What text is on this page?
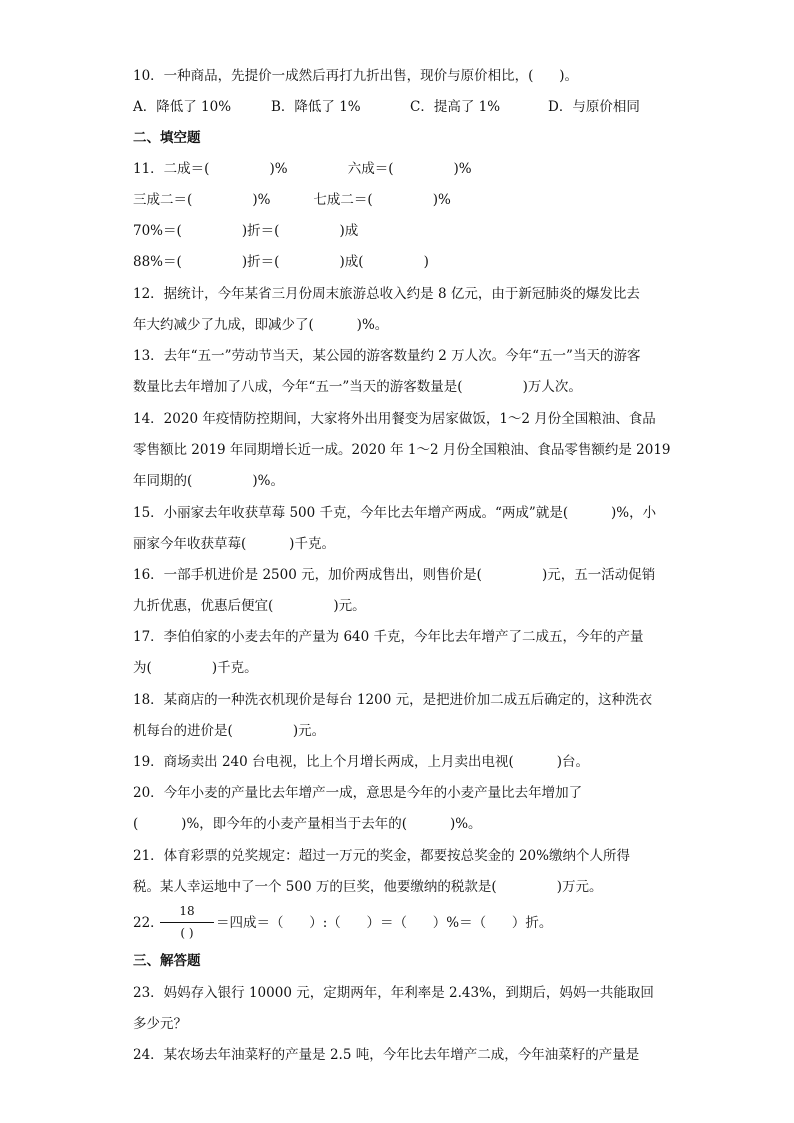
10．一种商品，先提价一成然后再打九折出售，现价与原价相比，(      )。
A．降低了 10%	B．降低了 1%	C．提高了 1%	D．与原价相同
二、填空题
11．二成＝(              )%              六成＝(              )%
三成二＝(              )%          七成二＝(              )%
70%＝(              )折＝(              )成
88%＝(              )折＝(              )成(              )
12．据统计，今年某省三月份周末旅游总收入约是 8 亿元，由于新冠肺炎的爆发比去
年大约减少了九成，即减少了(          )%。
13．去年“五一”劳动节当天，某公园的游客数量约 2 万人次。今年“五一”当天的游客
数量比去年增加了八成，今年“五一”当天的游客数量是(              )万人次。
14．2020 年疫情防控期间，大家将外出用餐变为居家做饭，1～2 月份全国粮油、食品
零售额比 2019 年同期增长近一成。2020 年 1～2 月份全国粮油、食品零售额约是 2019
年同期的(              )%。
15．小丽家去年收获草莓 500 千克，今年比去年增产两成。“两成”就是(          )%，小
丽家今年收获草莓(          )千克。
16．一部手机进价是 2500 元，加价两成售出，则售价是(              )元，五一活动促销
九折优惠，优惠后便宜(              )元。
17．李伯伯家的小麦去年的产量为 640 千克，今年比去年增产了二成五，今年的产量
为(              )千克。
18．某商店的一种洗衣机现价是每台 1200 元，是把进价加二成五后确定的，这种洗衣
机每台的进价是(              )元。
19．商场卖出 240 台电视，比上个月增长两成，上月卖出电视(          )台。
20．今年小麦的产量比去年增产一成，意思是今年的小麦产量比去年增加了
(          )%，即今年的小麦产量相当于去年的(          )%。
21．体育彩票的兑奖规定：超过一万元的奖金，都要按总奖金的 20%缴纳个人所得
税。某人幸运地中了一个 500 万的巨奖，他要缴纳的税款是(              )万元。
22．
18
( )
＝四成＝（      ）:（      ）＝（      ）%＝（      ）折。
三、解答题
23．妈妈存入银行 10000 元，定期两年，年利率是 2.43%，到期后，妈妈一共能取回
多少元？
24．某农场去年油菜籽的产量是 2.5 吨，今年比去年增产二成，今年油菜籽的产量是
